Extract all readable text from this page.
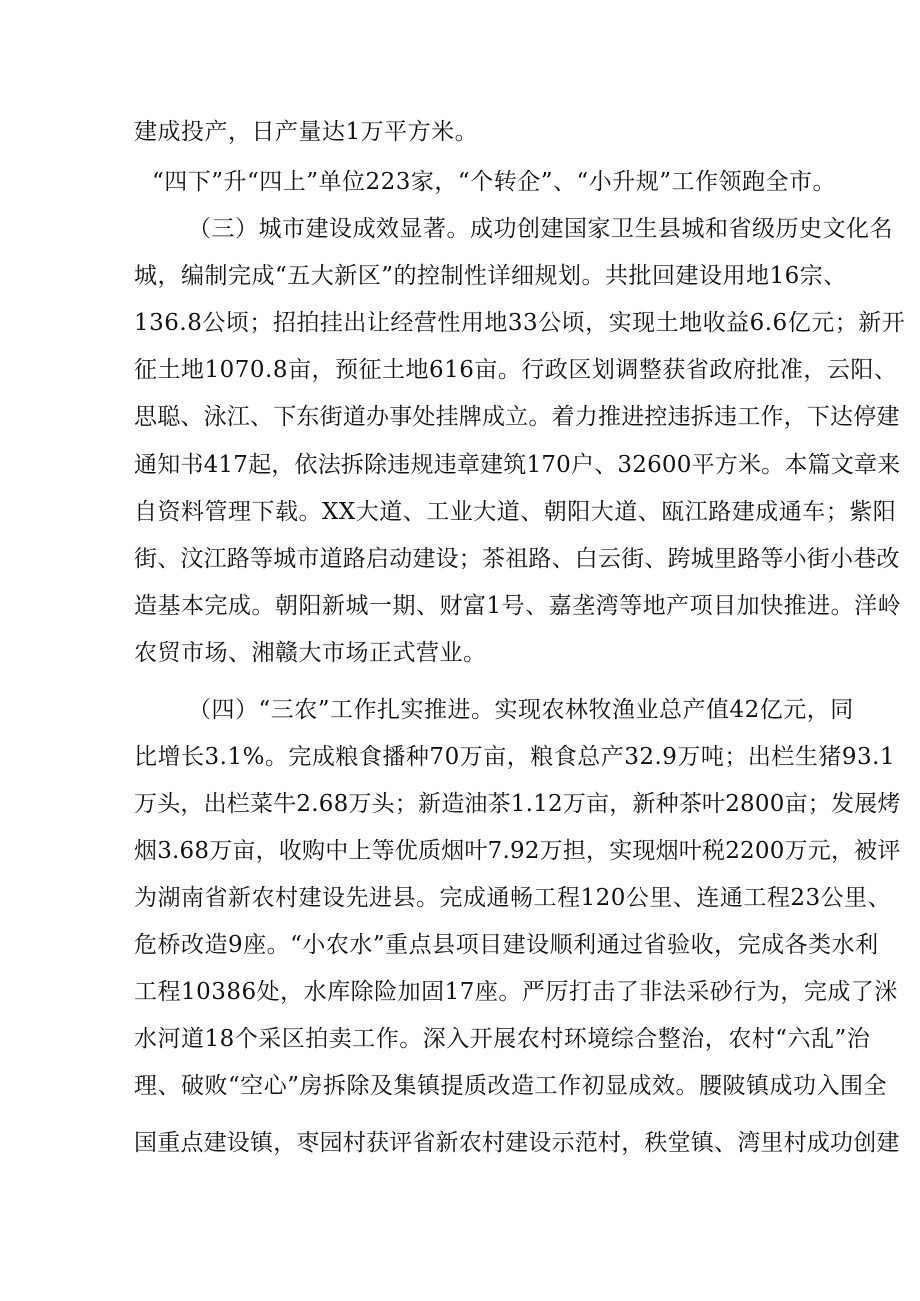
建成投产，日产量达1万平方米。

“四下”升“四上”单位223家，“个转企”、“小升规”工作领跑全市。

（三）城市建设成效显著。成功创建国家卫生县城和省级历史文化名

城，编制完成“五大新区”的控制性详细规划。共批回建设用地16宗、

136.8公顷；招拍挂出让经营性用地33公顷，实现土地收益6.6亿元；新开

征土地1070.8亩，预征土地616亩。行政区划调整获省政府批准，云阳、

思聪、泳江、下东街道办事处挂牌成立。着力推进控违拆违工作，下达停建

通知书417起，依法拆除违规违章建筑170户、32600平方米。本篇文章来

自资料管理下载。XX大道、工业大道、朝阳大道、瓯江路建成通车；紫阳

街、汶江路等城市道路启动建设；茶祖路、白云街、跨城里路等小街小巷改

造基本完成。朝阳新城一期、财富1号、嘉垄湾等地产项目加快推进。洋岭

农贸市场、湘赣大市场正式营业。

（四）“三农”工作扎实推进。实现农林牧渔业总产值42亿元，同

比增长3.1%。完成粮食播种70万亩，粮食总产32.9万吨；出栏生猪93.1

万头，出栏菜牛2.68万头；新造油茶1.12万亩，新种茶叶2800亩；发展烤

烟3.68万亩，收购中上等优质烟叶7.92万担，实现烟叶税2200万元，被评

为湖南省新农村建设先进县。完成通畅工程120公里、连通工程23公里、

危桥改造9座。“小农水”重点县项目建设顺利通过省验收，完成各类水利

工程10386处，水库除险加固17座。严厉打击了非法采砂行为，完成了洣

水河道18个采区拍卖工作。深入开展农村环境综合整治，农村“六乱”治

理、破败“空心”房拆除及集镇提质改造工作初显成效。腰陂镇成功入围全

国重点建设镇，枣园村获评省新农村建设示范村，秩堂镇、湾里村成功创建
